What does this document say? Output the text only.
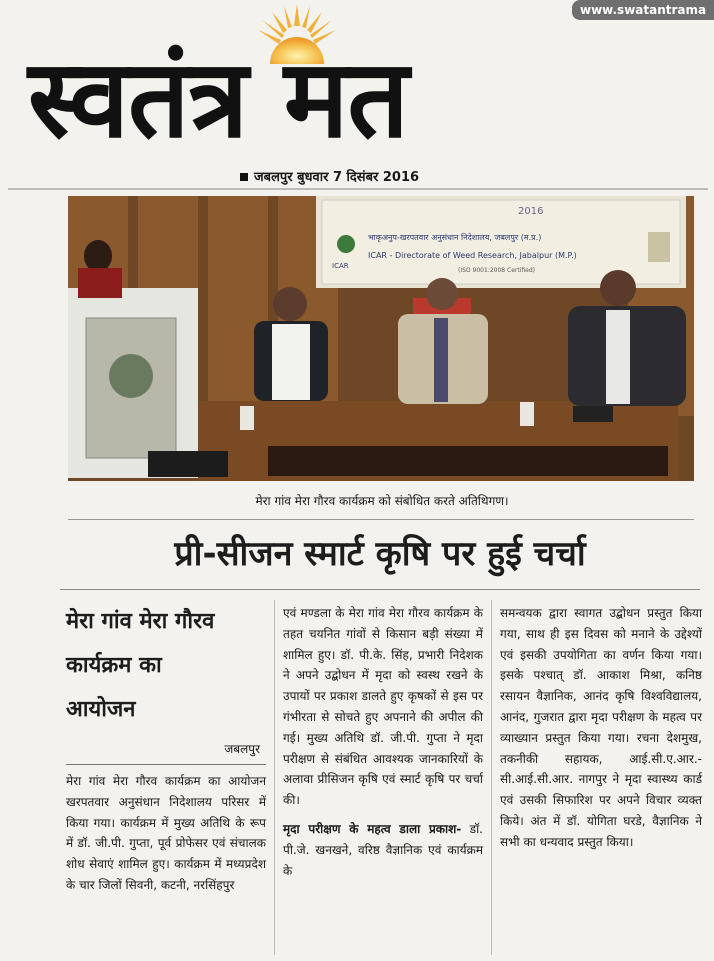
www.swatantrama
स्वतंत्र मत
जबलपुर बुधवार 7 दिसंबर 2016
2016
भाकृअनुप-खरपतवार अनुसंधान निदेशालय, जबलपुर (म.प्र.)
ICAR - Directorate of Weed Research, Jabalpur (M.P.)
(ISO 9001:2008 Certified)
ICAR
मेरा गांव मेरा गौरव कार्यक्रम को संबोधित करते अतिथिगण।
प्री-सीजन स्मार्ट कृषि पर हुई चर्चा
मेरा गांव मेरा गौरव
कार्यक्रम का
आयोजन
जबलपुर

मेरा गांव मेरा गौरव कार्यक्रम का आयोजन खरपतवार अनुसंधान निदेशालय परिसर में किया गया। कार्यक्रम में मुख्य अतिथि के रूप में डॉ. जी.पी. गुप्ता, पूर्व प्रोफेसर एवं संचालक शोध सेवाएं शामिल हुए। कार्यक्रम में मध्यप्रदेश के चार जिलों सिवनी, कटनी, नरसिंहपुर

एवं मण्डला के मेरा गांव मेरा गौरव कार्यक्रम के तहत चयनित गांवों से किसान बड़ी संख्या में शामिल हुए। डॉ. पी.के. सिंह, प्रभारी निदेशक ने अपने उद्बोधन में मृदा को स्वस्थ रखने के उपायों पर प्रकाश डालते हुए कृषकों से इस पर गंभीरता से सोचते हुए अपनाने की अपील की गई। मुख्य अतिथि डॉ. जी.पी. गुप्ता ने मृदा परीक्षण से संबंधित आवश्यक जानकारियों के अलावा प्रीसिजन कृषि एवं स्मार्ट कृषि पर चर्चा की।

मृदा परीक्षण के महत्व डाला प्रकाश- डॉ. पी.जे. खनखने, वरिष्ठ वैज्ञानिक एवं कार्यक्रम के

समन्वयक द्वारा स्वागत उद्बोधन प्रस्तुत किया गया, साथ ही इस दिवस को मनाने के उद्देश्यों एवं इसकी उपयोगिता का वर्णन किया गया। इसके पश्चात् डॉ. आकाश मिश्रा, कनिष्ठ रसायन वैज्ञानिक, आनंद कृषि विश्वविद्यालय, आनंद, गुजरात द्वारा मृदा परीक्षण के महत्व पर व्याख्यान प्रस्तुत किया गया। रचना देशमुख, तकनीकी सहायक, आई.सी.ए.आर.-सी.आई.सी.आर. नागपुर ने मृदा स्वास्थ्य कार्ड एवं उसकी सिफारिश पर अपने विचार व्यक्त किये। अंत में डॉ. योगिता घरडे, वैज्ञानिक ने सभी का धन्यवाद प्रस्तुत किया।
